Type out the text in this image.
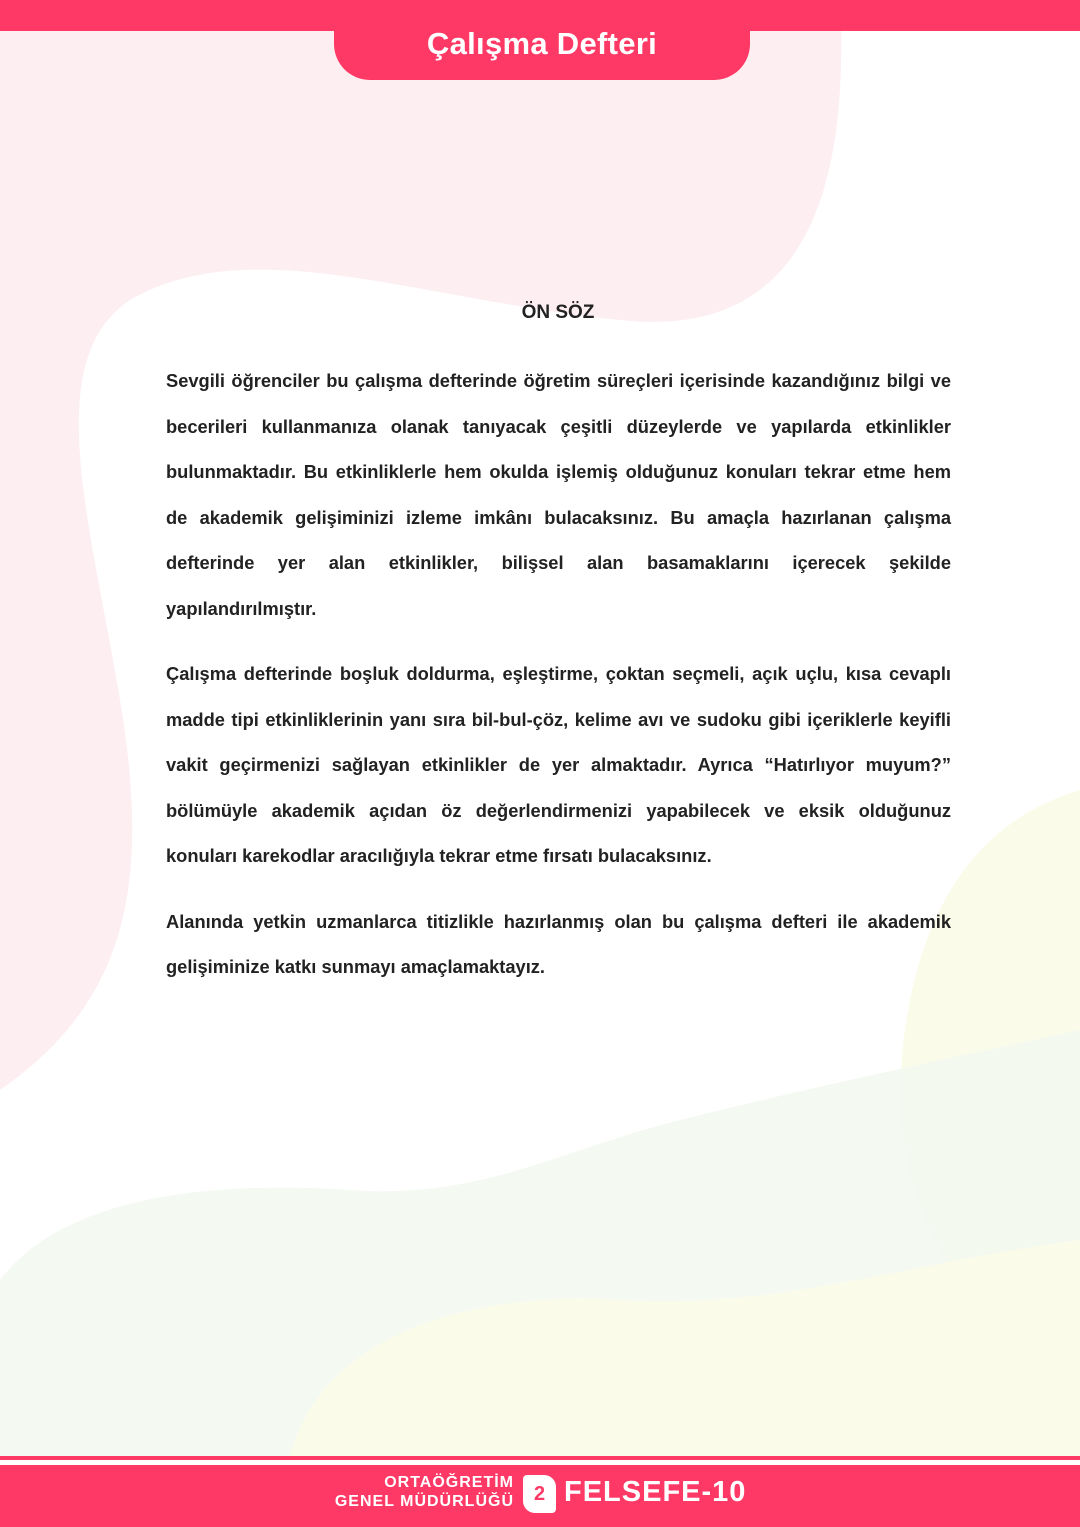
Çalışma Defteri
ÖN SÖZ

Sevgili öğrenciler bu çalışma defterinde öğretim süreçleri içerisinde kazandığınız bilgi ve becerileri kullanmanıza olanak tanıyacak çeşitli düzeylerde ve yapılarda etkinlikler bulunmaktadır. Bu etkinliklerle hem okulda işlemiş olduğunuz konuları tekrar etme hem de akademik gelişiminizi izleme imkânı bulacaksınız. Bu amaçla hazırlanan çalışma defterinde yer alan etkinlikler, bilişsel alan basamaklarını içerecek şekilde yapılandırılmıştır.

Çalışma defterinde boşluk doldurma, eşleştirme, çoktan seçmeli, açık uçlu, kısa cevaplı madde tipi etkinliklerinin yanı sıra bil-bul-çöz, kelime avı ve sudoku gibi içeriklerle keyifli vakit geçirmenizi sağlayan etkinlikler de yer almaktadır. Ayrıca “Hatırlıyor muyum?” bölümüyle akademik açıdan öz değerlendirmenizi yapabilecek ve eksik olduğunuz konuları karekodlar aracılığıyla tekrar etme fırsatı bulacaksınız.

Alanında yetkin uzmanlarca titizlikle hazırlanmış olan bu çalışma defteri ile akademik gelişiminize katkı sunmayı amaçlamaktayız.

ORTAÖĞRETİM
GENEL MÜDÜRLÜĞÜ 2 FELSEFE-10
